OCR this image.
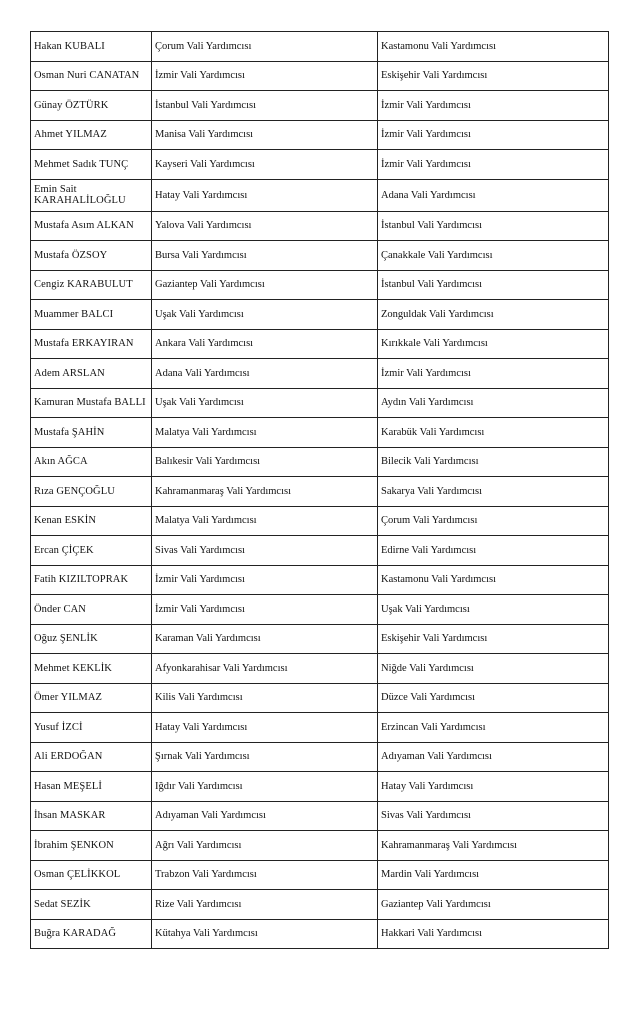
Hakan KUBALI	Çorum Vali Yardımcısı	Kastamonu Vali Yardımcısı
Osman Nuri CANATAN	İzmir Vali Yardımcısı	Eskişehir Vali Yardımcısı
Günay ÖZTÜRK	İstanbul Vali Yardımcısı	İzmir Vali Yardımcısı
Ahmet YILMAZ	Manisa Vali Yardımcısı	İzmir Vali Yardımcısı
Mehmet Sadık TUNÇ	Kayseri Vali Yardımcısı	İzmir Vali Yardımcısı
Emin Sait KARAHALİLOĞLU	Hatay Vali Yardımcısı	Adana Vali Yardımcısı
Mustafa Asım ALKAN	Yalova Vali Yardımcısı	İstanbul Vali Yardımcısı
Mustafa ÖZSOY	Bursa Vali Yardımcısı	Çanakkale Vali Yardımcısı
Cengiz KARABULUT	Gaziantep Vali Yardımcısı	İstanbul Vali Yardımcısı
Muammer BALCI	Uşak Vali Yardımcısı	Zonguldak Vali Yardımcısı
Mustafa ERKAYIRAN	Ankara Vali Yardımcısı	Kırıkkale Vali Yardımcısı
Adem ARSLAN	Adana Vali Yardımcısı	İzmir Vali Yardımcısı
Kamuran Mustafa BALLI	Uşak Vali Yardımcısı	Aydın Vali Yardımcısı
Mustafa ŞAHİN	Malatya Vali Yardımcısı	Karabük Vali Yardımcısı
Akın AĞCA	Balıkesir Vali Yardımcısı	Bilecik Vali Yardımcısı
Rıza GENÇOĞLU	Kahramanmaraş Vali Yardımcısı	Sakarya Vali Yardımcısı
Kenan ESKİN	Malatya Vali Yardımcısı	Çorum Vali Yardımcısı
Ercan ÇİÇEK	Sivas Vali Yardımcısı	Edirne Vali Yardımcısı
Fatih KIZILTOPRAK	İzmir Vali Yardımcısı	Kastamonu Vali Yardımcısı
Önder CAN	İzmir Vali Yardımcısı	Uşak Vali Yardımcısı
Oğuz ŞENLİK	Karaman Vali Yardımcısı	Eskişehir Vali Yardımcısı
Mehmet KEKLİK	Afyonkarahisar Vali Yardımcısı	Niğde Vali Yardımcısı
Ömer YILMAZ	Kilis Vali Yardımcısı	Düzce Vali Yardımcısı
Yusuf İZCİ	Hatay Vali Yardımcısı	Erzincan Vali Yardımcısı
Ali ERDOĞAN	Şırnak Vali Yardımcısı	Adıyaman Vali Yardımcısı
Hasan MEŞELİ	Iğdır Vali Yardımcısı	Hatay Vali Yardımcısı
İhsan MASKAR	Adıyaman Vali Yardımcısı	Sivas Vali Yardımcısı
İbrahim ŞENKON	Ağrı Vali Yardımcısı	Kahramanmaraş Vali Yardımcısı
Osman ÇELİKKOL	Trabzon Vali Yardımcısı	Mardin Vali Yardımcısı
Sedat SEZİK	Rize Vali Yardımcısı	Gaziantep Vali Yardımcısı
Buğra KARADAĞ	Kütahya Vali Yardımcısı	Hakkari Vali Yardımcısı
